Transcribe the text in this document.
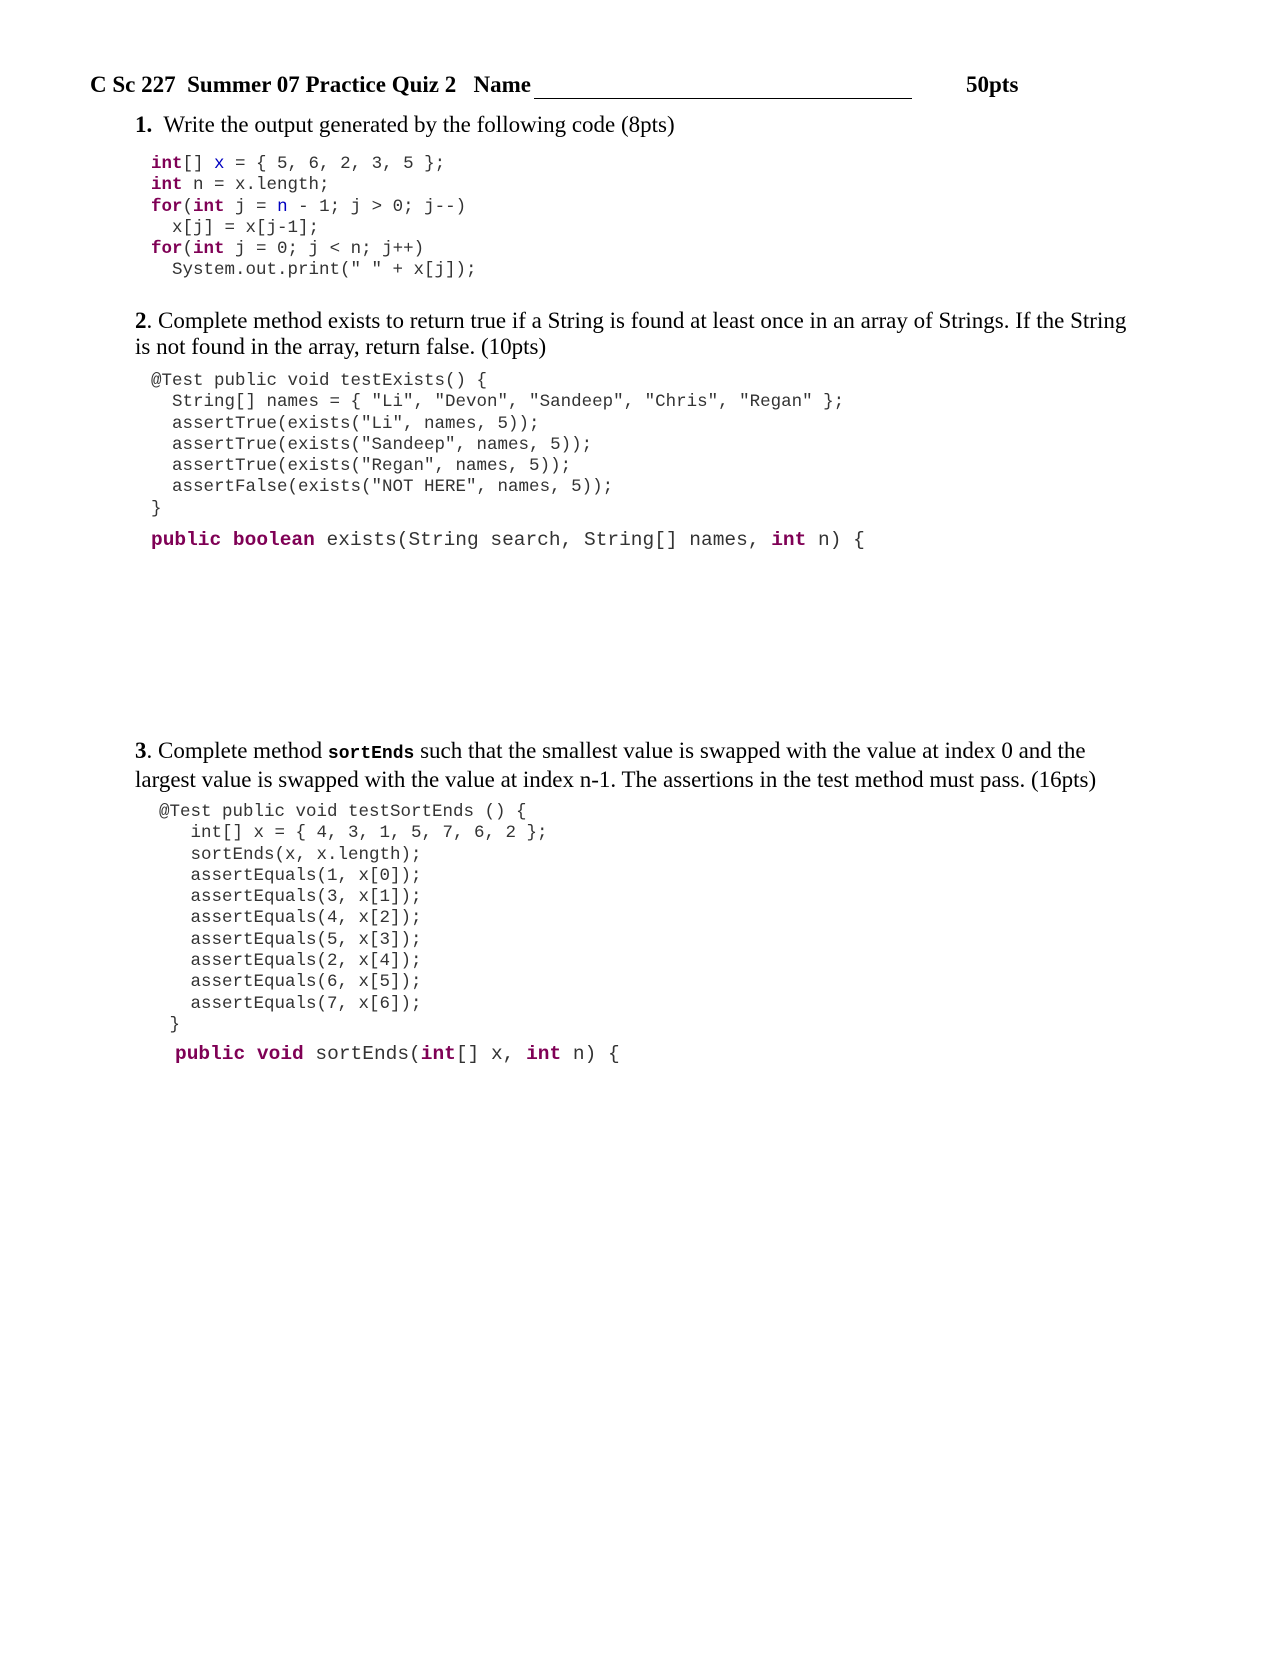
C Sc 227  Summer 07 Practice Quiz 2   Name	50pts
1. Write the output generated by the following code (8pts)
int[] x = { 5, 6, 2, 3, 5 };
int n = x.length;
for(int j = n - 1; j > 0; j--)
x[j] = x[j-1];
for(int j = 0; j < n; j++)
System.out.print(" " + x[j]);
2. Complete method exists to return true if a String is found at least once in an array of Strings. If the String is not found in the array, return false. (10pts)
@Test public void testExists() {
String[] names = { "Li", "Devon", "Sandeep", "Chris", "Regan" };
assertTrue(exists("Li", names, 5));
assertTrue(exists("Sandeep", names, 5));
assertTrue(exists("Regan", names, 5));
assertFalse(exists("NOT HERE", names, 5));
}
public boolean exists(String search, String[] names, int n) {
3. Complete method sortEnds such that the smallest value is swapped with the value at index 0 and the largest value is swapped with the value at index n-1. The assertions in the test method must pass. (16pts)
@Test public void testSortEnds () {
int[] x = { 4, 3, 1, 5, 7, 6, 2 };
sortEnds(x, x.length);
assertEquals(1, x[0]);
assertEquals(3, x[1]);
assertEquals(4, x[2]);
assertEquals(5, x[3]);
assertEquals(2, x[4]);
assertEquals(6, x[5]);
assertEquals(7, x[6]);
}
public void sortEnds(int[] x, int n) {
